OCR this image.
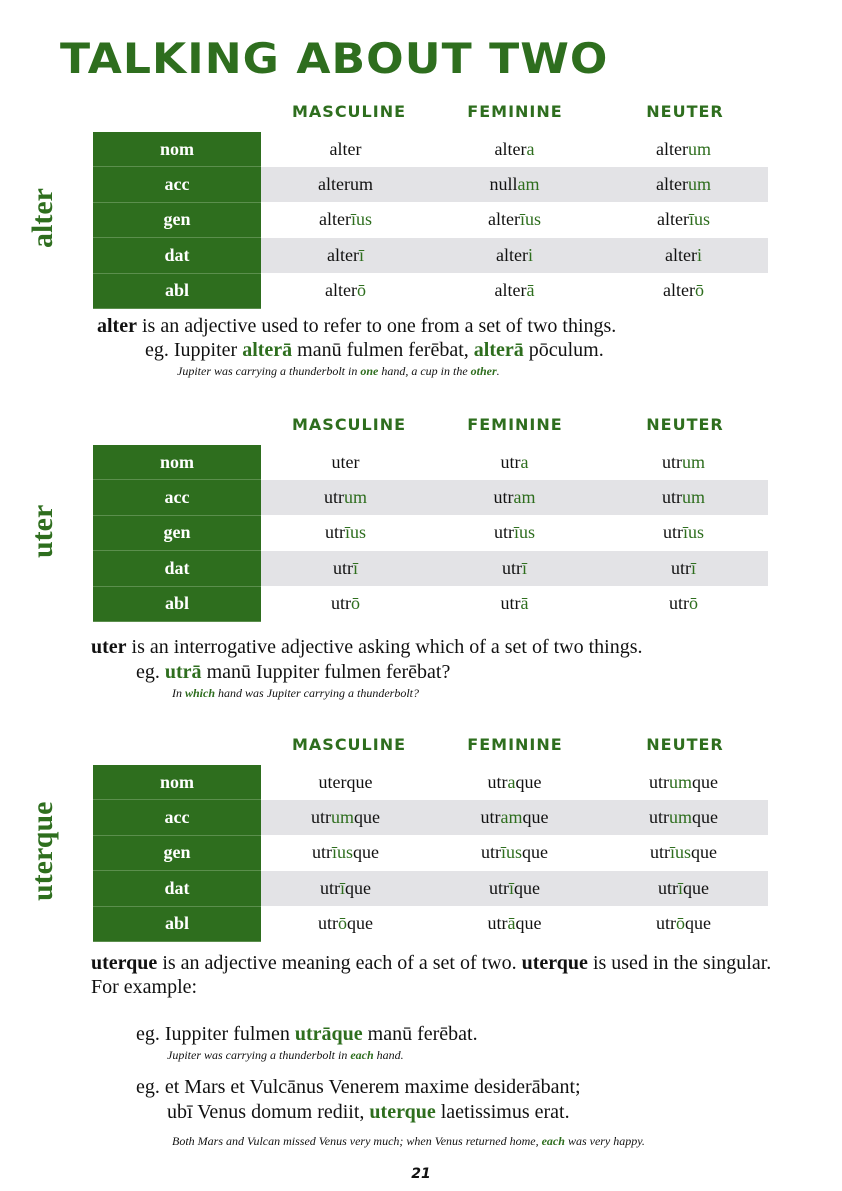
TALKING ABOUT TWO
MASCULINE	FEMININE	NEUTER
alter
nom	alter	altera	alterum
acc	alterum	nullam	alterum
gen	alterīus	alterīus	alterīus
dat	alterī	alteri	alteri
abl	alterō	alterā	alterō
alter is an adjective used to refer to one from a set of two things.
eg. Iuppiter alterā manū fulmen ferēbat, alterā pōculum.
Jupiter was carrying a thunderbolt in one hand, a cup in the other.
MASCULINE	FEMININE	NEUTER
uter
nom	uter	utra	utrum
acc	utrum	utram	utrum
gen	utrīus	utrīus	utrīus
dat	utrī	utrī	utrī
abl	utrō	utrā	utrō
uter is an interrogative adjective asking which of a set of two things.
eg. utrā manū Iuppiter fulmen ferēbat?
In which hand was Jupiter carrying a thunderbolt?
MASCULINE	FEMININE	NEUTER
uterque
nom	uterque	utraque	utrumque
acc	utrumque	utramque	utrumque
gen	utrīusque	utrīusque	utrīusque
dat	utrīque	utrīque	utrīque
abl	utrōque	utrāque	utrōque
uterque is an adjective meaning each of a set of two. uterque is used in the singular. For example:
eg. Iuppiter fulmen utrāque manū ferēbat.
Jupiter was carrying a thunderbolt in each hand.
eg. et Mars et Vulcānus Venerem maxime desiderābant;
ubī Venus domum rediit, uterque laetissimus erat.
Both Mars and Vulcan missed Venus very much; when Venus returned home, each was very happy.
21
